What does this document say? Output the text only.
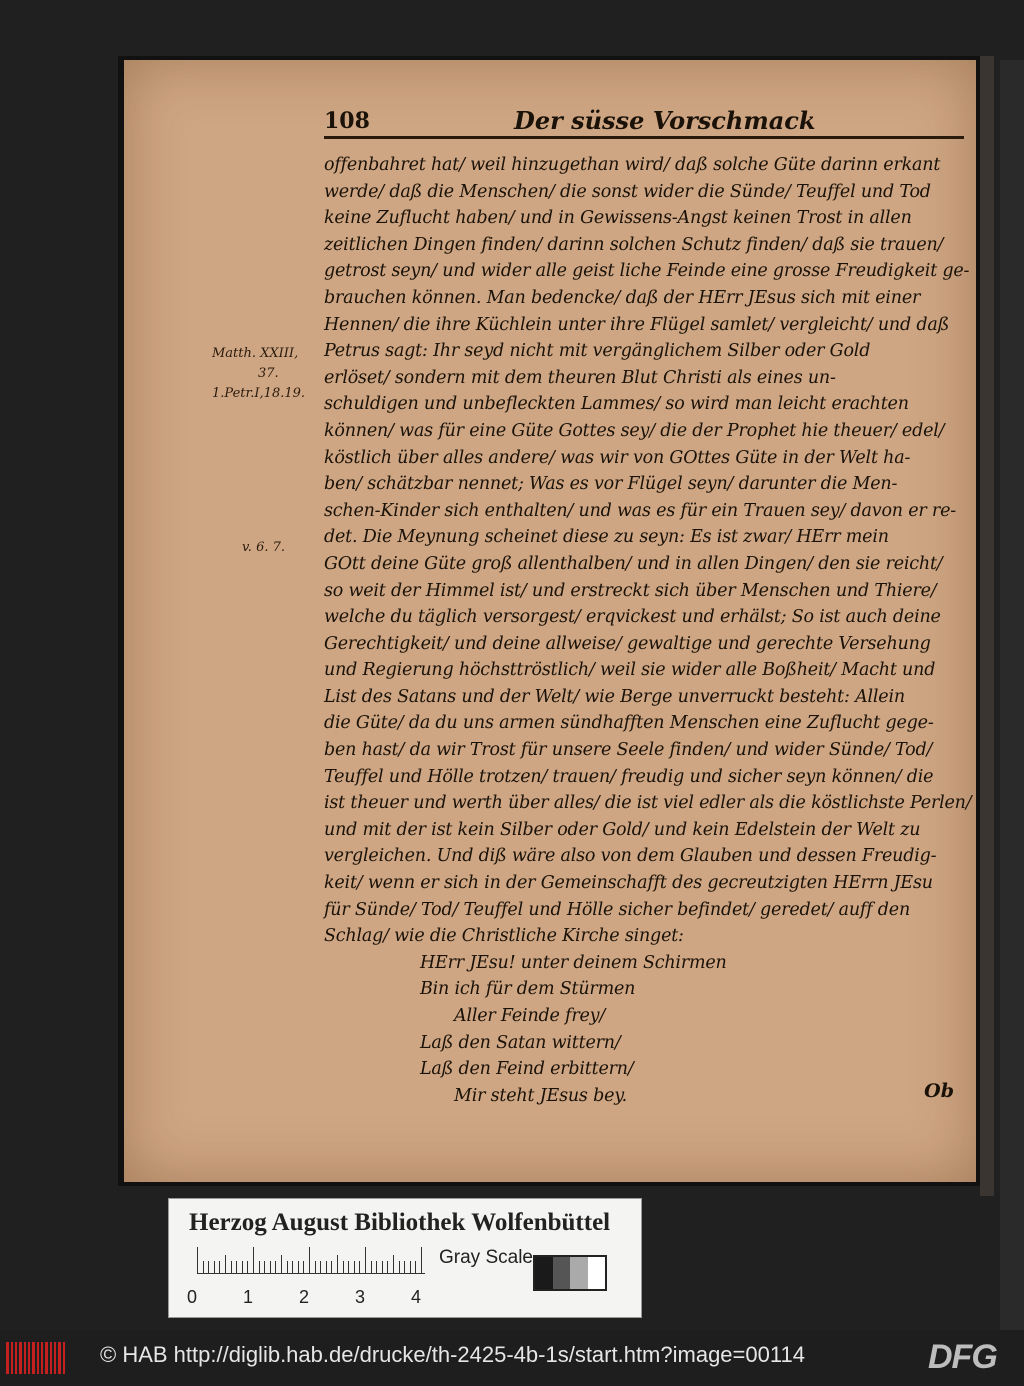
108	Der süsse Vorschmack
Matth. XXIII,
37.
1.Petr.I,18.19.
v. 6. 7.
offenbahret hat/ weil hinzugethan wird/ daß solche Güte darinn erkant
werde/ daß die Menschen/ die sonst wider die Sünde/ Teuffel und Tod
keine Zuflucht haben/ und in Gewissens-Angst keinen Trost in allen
zeitlichen Dingen finden/ darinn solchen Schutz finden/ daß sie trauen/
getrost seyn/ und wider alle geist liche Feinde eine grosse Freudigkeit ge-
brauchen können. Man bedencke/ daß der HErr JEsus sich mit einer
Hennen/ die ihre Küchlein unter ihre Flügel samlet/ vergleicht/ und daß
Petrus sagt: Ihr seyd nicht mit vergänglichem Silber oder Gold
erlöset/ sondern mit dem theuren Blut Christi als eines un-
schuldigen und unbefleckten Lammes/ so wird man leicht erachten
können/ was für eine Güte Gottes sey/ die der Prophet hie theuer/ edel/
köstlich über alles andere/ was wir von GOttes Güte in der Welt ha-
ben/ schätzbar nennet; Was es vor Flügel seyn/ darunter die Men-
schen-Kinder sich enthalten/ und was es für ein Trauen sey/ davon er re-
det. Die Meynung scheinet diese zu seyn: Es ist zwar/ HErr mein
GOtt deine Güte groß allenthalben/ und in allen Dingen/ den sie reicht/
so weit der Himmel ist/ und erstreckt sich über Menschen und Thiere/
welche du täglich versorgest/ erqvickest und erhälst; So ist auch deine
Gerechtigkeit/ und deine allweise/ gewaltige und gerechte Versehung
und Regierung höchsttröstlich/ weil sie wider alle Boßheit/ Macht und
List des Satans und der Welt/ wie Berge unverruckt besteht: Allein
die Güte/ da du uns armen sündhafften Menschen eine Zuflucht gege-
ben hast/ da wir Trost für unsere Seele finden/ und wider Sünde/ Tod/
Teuffel und Hölle trotzen/ trauen/ freudig und sicher seyn können/ die
ist theuer und werth über alles/ die ist viel edler als die köstlichste Perlen/
und mit der ist kein Silber oder Gold/ und kein Edelstein der Welt zu
vergleichen. Und diß wäre also von dem Glauben und dessen Freudig-
keit/ wenn er sich in der Gemeinschafft des gecreutzigten HErrn JEsu
für Sünde/ Tod/ Teuffel und Hölle sicher befindet/ geredet/ auff den
Schlag/ wie die Christliche Kirche singet:
HErr JEsu! unter deinem Schirmen
Bin ich für dem Stürmen
Aller Feinde frey/
Laß den Satan wittern/
Laß den Feind erbittern/
Mir steht JEsus bey.	Ob
Herzog August Bibliothek Wolfenbüttel
0	1	2	3	4
Gray Scale
© HAB http://diglib.hab.de/drucke/th-2425-4b-1s/start.htm?image=00114	DFG
